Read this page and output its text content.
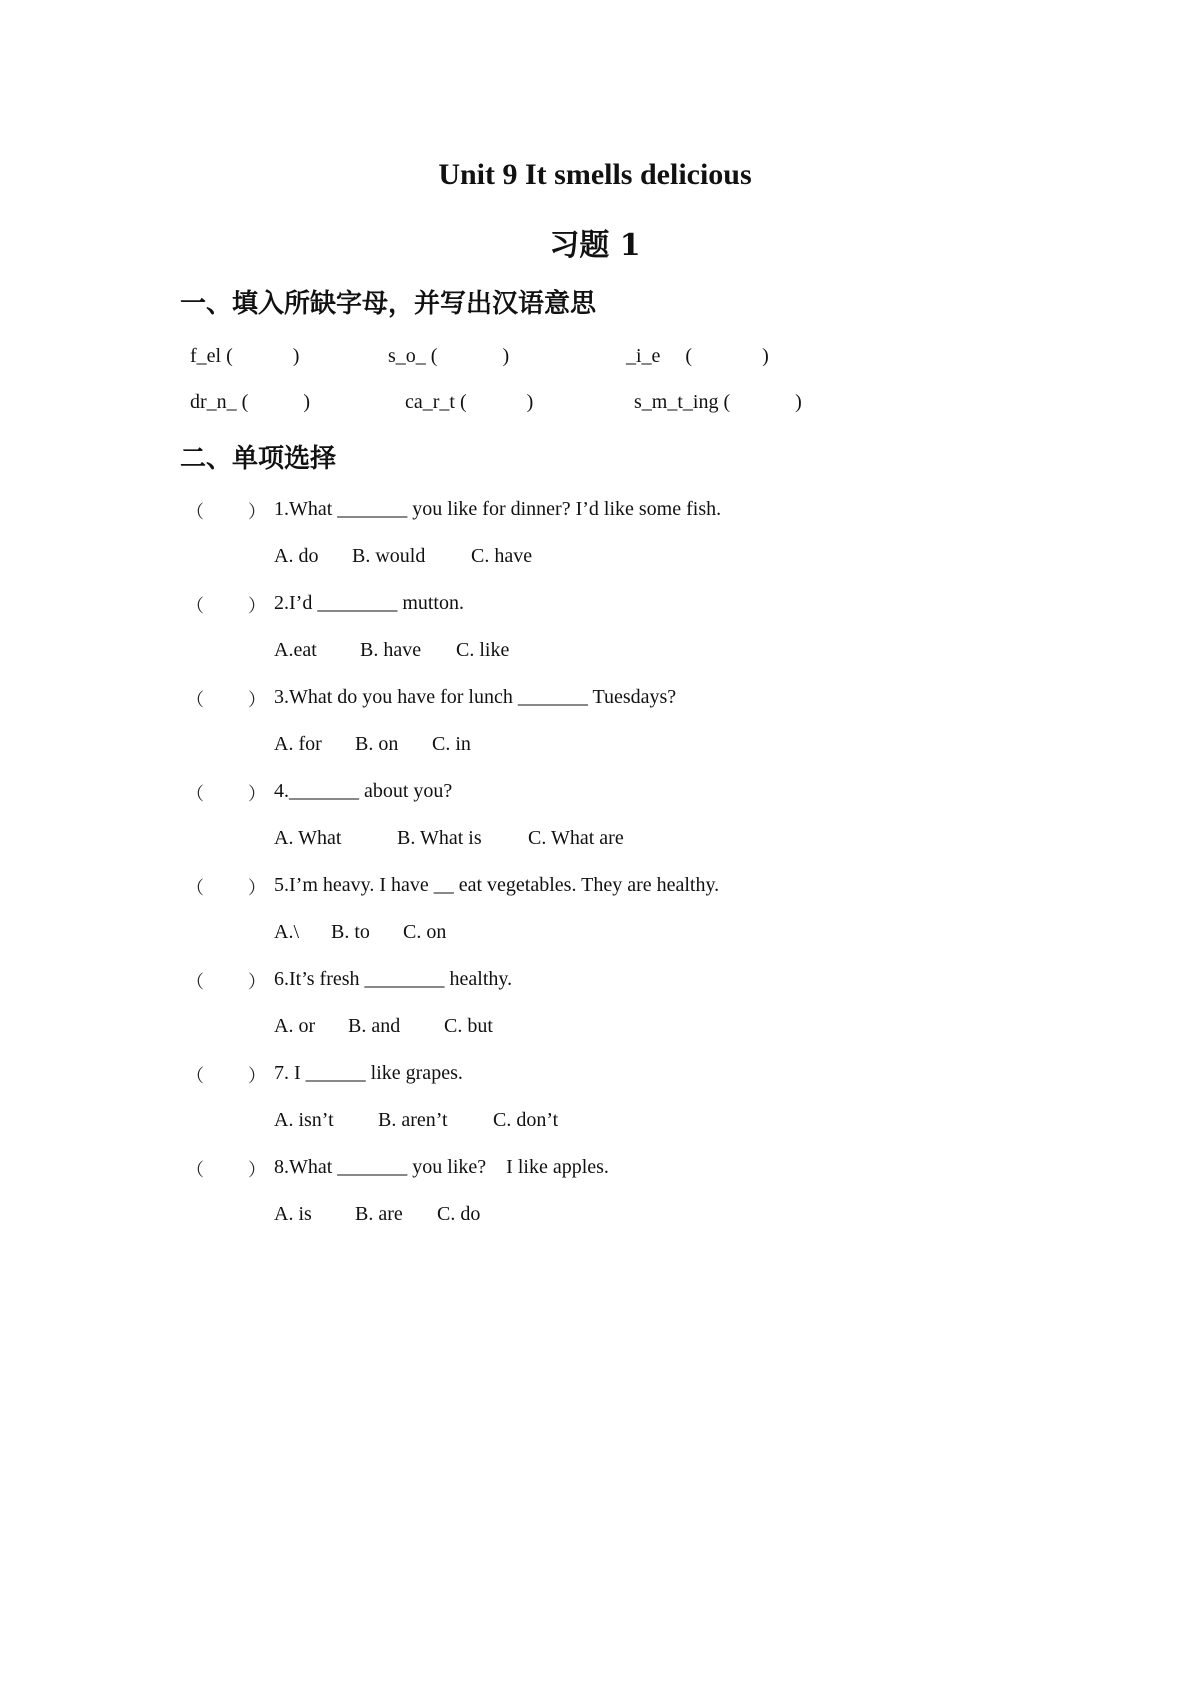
Unit 9 It smells delicious
习题 1
一、填入所缺字母，并写出汉语意思
f_el (            )	s_o_ (             )	_i_e     (              )
dr_n_ (           )	ca_r_t (            )	s_m_t_ing (             )
二、单项选择
（ ） 1.What _______ you like for dinner? I’d like some fish.
A. do B. would C. have
（ ） 2.I’d ________ mutton.
A.eat B. have C. like
（ ） 3.What do you have for lunch _______ Tuesdays?
A. for B. on C. in
（ ） 4._______ about you?
A. What	B. What is C. What are
（ ） 5.I’m heavy. I have __ eat vegetables. They are healthy.
A.\ B. to C. on
（ ） 6.It’s fresh ________ healthy.
A. or B. and C. but
（ ） 7. I ______ like grapes.
A. isn’t B. aren’t C. don’t
（ ） 8.What _______ you like?    I like apples.
A. is B. are C. do
